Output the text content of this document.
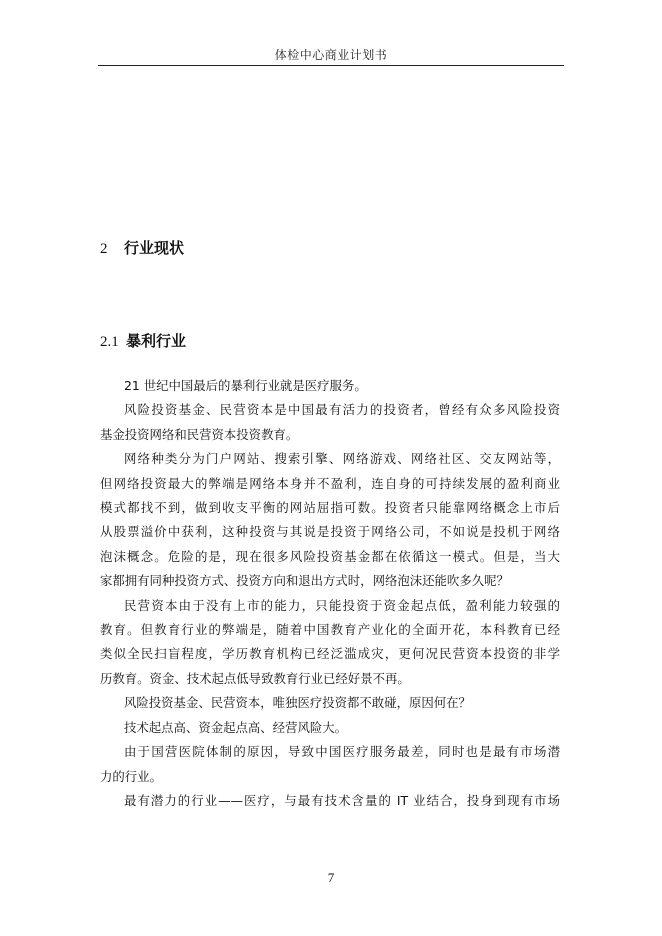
体检中心商业计划书
2 行业现状
2.1 暴利行业
21 世纪中国最后的暴利行业就是医疗服务。
风险投资基金、民营资本是中国最有活力的投资者，曾经有众多风险投资
基金投资网络和民营资本投资教育。
网络种类分为门户网站、搜索引擎、网络游戏、网络社区、交友网站等，
但网络投资最大的弊端是网络本身并不盈利，连自身的可持续发展的盈利商业
模式都找不到，做到收支平衡的网站屈指可数。投资者只能靠网络概念上市后
从股票溢价中获利，这种投资与其说是投资于网络公司，不如说是投机于网络
泡沫概念。危险的是，现在很多风险投资基金都在依循这一模式。但是，当大
家都拥有同种投资方式、投资方向和退出方式时，网络泡沫还能吹多久呢？
民营资本由于没有上市的能力，只能投资于资金起点低，盈利能力较强的
教育。但教育行业的弊端是，随着中国教育产业化的全面开花，本科教育已经
类似全民扫盲程度，学历教育机构已经泛滥成灾，更何况民营资本投资的非学
历教育。资金、技术起点低导致教育行业已经好景不再。
风险投资基金、民营资本，唯独医疗投资都不敢碰，原因何在？
技术起点高、资金起点高、经营风险大。
由于国营医院体制的原因，导致中国医疗服务最差，同时也是最有市场潜
力的行业。
最有潜力的行业——医疗，与最有技术含量的 IT 业结合，投身到现有市场
7
